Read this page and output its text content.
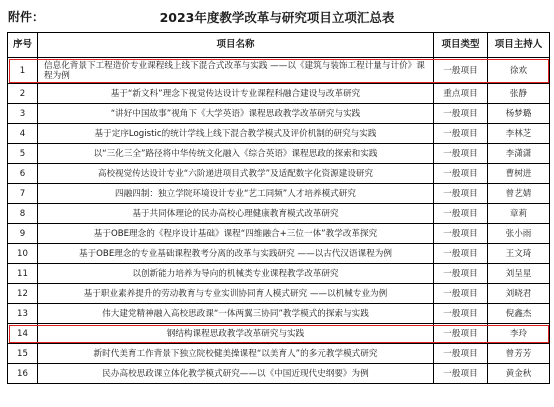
附件：	2023年度教学改革与研究项目立项汇总表
序号	项目名称	项目类型	项目主持人
1	信息化背景下工程造价专业课程线上线下混合式改革与实践 ——以《建筑与装饰工程计量与计价》课程为例	一般项目	徐欢
2	基于“新文科”理念下视觉传达设计专业课程科融合建设与改革研究	重点项目	张静
3	“讲好中国故事”视角下《大学英语》课程思政教学改革研究与实践	一般项目	杨梦璐
4	基于定序Logistic的统计学线上线下混合教学模式及评价机制的研究与实践	一般项目	李林芝
5	以“三化三全”路径将中华传统文化融入《综合英语》课程思政的探索和实践	一般项目	李潇潇
6	高校视觉传达设计专业“六阶递进项目式教学”及适配数字化资源建设研究	一般项目	曹树进
7	四融四制：独立学院环境设计专业“艺工同频”人才培养模式研究	一般项目	曾艺婧
8	基于共同体理论的民办高校心理健康教育模式改革研究	一般项目	章莉
9	基于OBE理念的《程序设计基础》课程“四维融合+三位一体”教学改革探究	一般项目	张小雨
10	基于OBE理念的专业基础课程教考分离的改革与实践研究 ——以古代汉语课程为例	一般项目	王文琦
11	以创新能力培养为导向的机械类专业课程教学改革研究	一般项目	刘呈星
12	基于职业素养提升的劳动教育与专业实训协同育人模式研究 ——以机械专业为例	一般项目	刘晓君
13	伟大建党精神融入高校思政课“一体两翼三协同”教学模式的探索与实践	一般项目	倪鑫杰
14	钢结构课程思政教学改革研究与实践	一般项目	李玲
15	新时代美育工作背景下独立院校健美操课程“以美育人”的多元教学模式研究	一般项目	曾芳芳
16	民办高校思政课立体化教学模式研究——以《中国近现代史纲要》为例	一般项目	黄金秋
